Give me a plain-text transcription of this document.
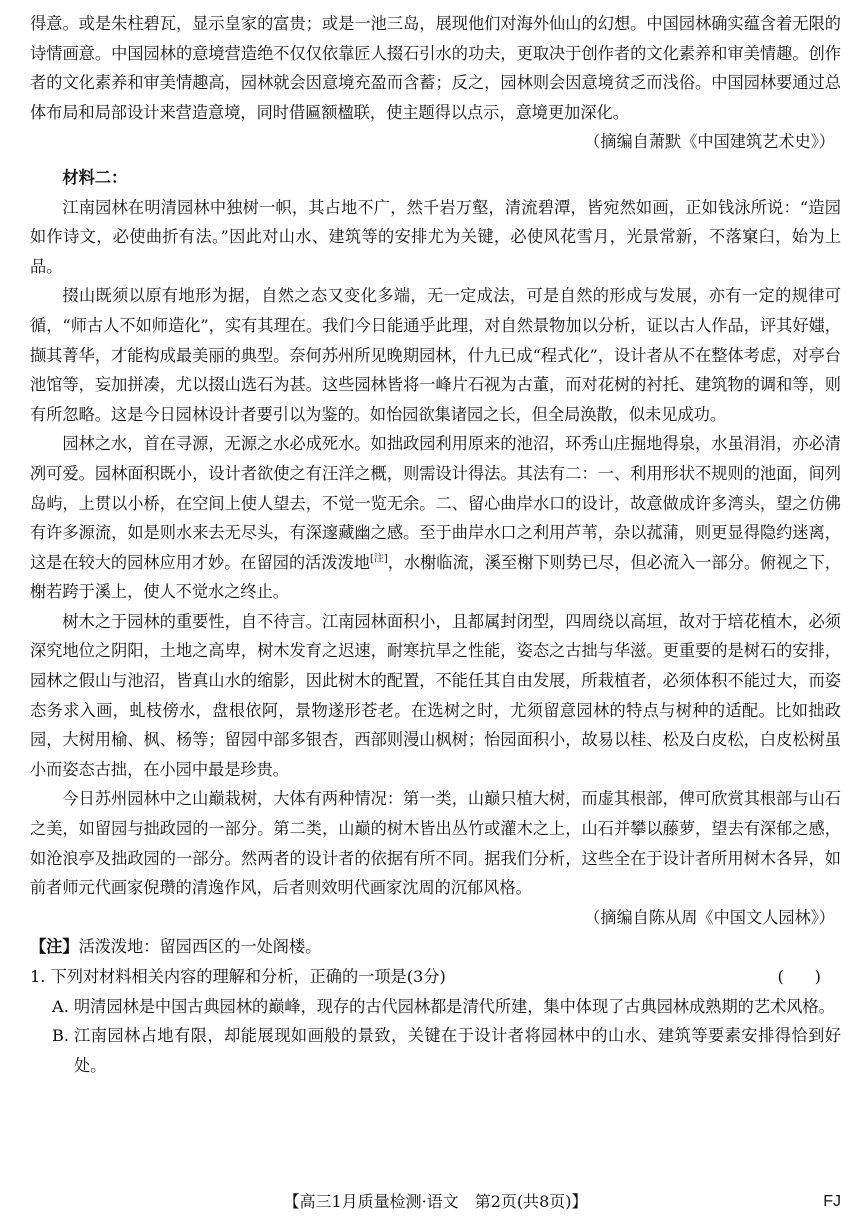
得意。或是朱柱碧瓦，显示皇家的富贵；或是一池三岛，展现他们对海外仙山的幻想。中国园林确实蕴含着无限的诗情画意。中国园林的意境营造绝不仅仅依靠匠人掇石引水的功夫，更取决于创作者的文化素养和审美情趣。创作者的文化素养和审美情趣高，园林就会因意境充盈而含蓄；反之，园林则会因意境贫乏而浅俗。中国园林要通过总体布局和局部设计来营造意境，同时借匾额楹联，使主题得以点示，意境更加深化。

（摘编自萧默《中国建筑艺术史》）

材料二：

江南园林在明清园林中独树一帜，其占地不广，然千岩万壑，清流碧潭，皆宛然如画，正如钱泳所说：“造园如作诗文，必使曲折有法。”因此对山水、建筑等的安排尤为关键，必使风花雪月，光景常新，不落窠臼，始为上品。

掇山既须以原有地形为据，自然之态又变化多端，无一定成法，可是自然的形成与发展，亦有一定的规律可循，“师古人不如师造化”，实有其理在。我们今日能通乎此理，对自然景物加以分析，证以古人作品，评其好媸，撷其菁华，才能构成最美丽的典型。奈何苏州所见晚期园林，什九已成“程式化”，设计者从不在整体考虑，对亭台池馆等，妄加拼凑，尤以掇山选石为甚。这些园林皆将一峰片石视为古董，而对花树的衬托、建筑物的调和等，则有所忽略。这是今日园林设计者要引以为鉴的。如怡园欲集诸园之长，但全局涣散，似未见成功。

园林之水，首在寻源，无源之水必成死水。如拙政园利用原来的池沼，环秀山庄掘地得泉，水虽涓涓，亦必清冽可爱。园林面积既小，设计者欲使之有汪洋之概，则需设计得法。其法有二：一、利用形状不规则的池面，间列岛屿，上贯以小桥，在空间上使人望去，不觉一览无余。二、留心曲岸水口的设计，故意做成许多湾头，望之仿佛有许多源流，如是则水来去无尽头，有深邃藏幽之感。至于曲岸水口之利用芦苇，杂以菰蒲，则更显得隐约迷离，这是在较大的园林应用才妙。在留园的活泼泼地[注]，水榭临流，溪至榭下则势已尽，但必流入一部分。俯视之下，榭若跨于溪上，使人不觉水之终止。

树木之于园林的重要性，自不待言。江南园林面积小，且都属封闭型，四周绕以高垣，故对于培花植木，必须深究地位之阴阳，土地之高卑，树木发育之迟速，耐寒抗旱之性能，姿态之古拙与华滋。更重要的是树石的安排，园林之假山与池沼，皆真山水的缩影，因此树木的配置，不能任其自由发展，所栽植者，必须体积不能过大，而姿态务求入画，虬枝傍水，盘根依阿，景物遂形苍老。在选树之时，尤须留意园林的特点与树种的适配。比如拙政园，大树用榆、枫、杨等；留园中部多银杏，西部则漫山枫树；怡园面积小，故易以桂、松及白皮松，白皮松树虽小而姿态古拙，在小园中最是珍贵。

今日苏州园林中之山巅栽树，大体有两种情况：第一类，山巅只植大树，而虚其根部，俾可欣赏其根部与山石之美，如留园与拙政园的一部分。第二类，山巅的树木皆出丛竹或灌木之上，山石并攀以藤萝，望去有深郁之感，如沧浪亭及拙政园的一部分。然两者的设计者的依据有所不同。据我们分析，这些全在于设计者所用树木各异，如前者师元代画家倪瓒的清逸作风，后者则效明代画家沈周的沉郁风格。

（摘编自陈从周《中国文人园林》）

【注】活泼泼地：留园西区的一处阁楼。

1. 下列对材料相关内容的理解和分析，正确的一项是(3分)	(      )
A. 明清园林是中国古典园林的巅峰，现存的古代园林都是清代所建，集中体现了古典园林成熟期的艺术风格。
B. 江南园林占地有限，却能展现如画般的景致，关键在于设计者将园林中的山水、建筑等要素安排得恰到好处。
【高三1月质量检测·语文　第2页(共8页)】	FJ
